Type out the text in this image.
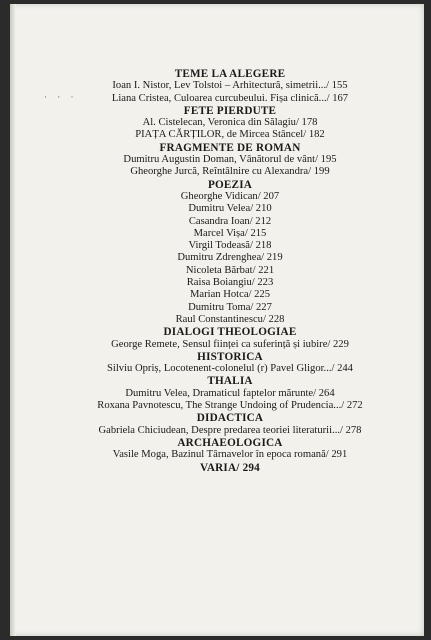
· · ·
TEME LA ALEGERE
Ioan I. Nistor, Lev Tolstoi – Arhitectură, simetrii.../ 155
Liana Cristea, Culoarea curcubeului. Fișa clinică.../ 167
FETE PIERDUTE
Al. Cistelecan, Veronica din Sălagiu/ 178
PIAȚA CĂRȚILOR, de Mircea Stâncel/ 182
FRAGMENTE DE ROMAN
Dumitru Augustin Doman, Vânătorul de vânt/ 195
Gheorghe Jurcă, Reîntâlnire cu Alexandra/ 199
POEZIA
Gheorghe Vidican/ 207
Dumitru Velea/ 210
Casandra Ioan/ 212
Marcel Vișa/ 215
Virgil Todeasă/ 218
Dumitru Zdrenghea/ 219
Nicoleta Bărbat/ 221
Raisa Boiangiu/ 223
Marian Hotca/ 225
Dumitru Toma/ 227
Raul Constantinescu/ 228
DIALOGI THEOLOGIAE
George Remete, Sensul ființei ca suferință și iubire/ 229
HISTORICA
Silviu Opriș, Locotenent-colonelul (r) Pavel Gligor.../ 244
THALIA
Dumitru Velea, Dramaticul faptelor mărunte/ 264
Roxana Pavnotescu, The Strange Undoing of Prudencia.../ 272
DIDACTICA
Gabriela Chiciudean, Despre predarea teoriei literaturii.../ 278
ARCHAEOLOGICA
Vasile Moga, Bazinul Târnavelor în epoca romană/ 291
VARIA/ 294
